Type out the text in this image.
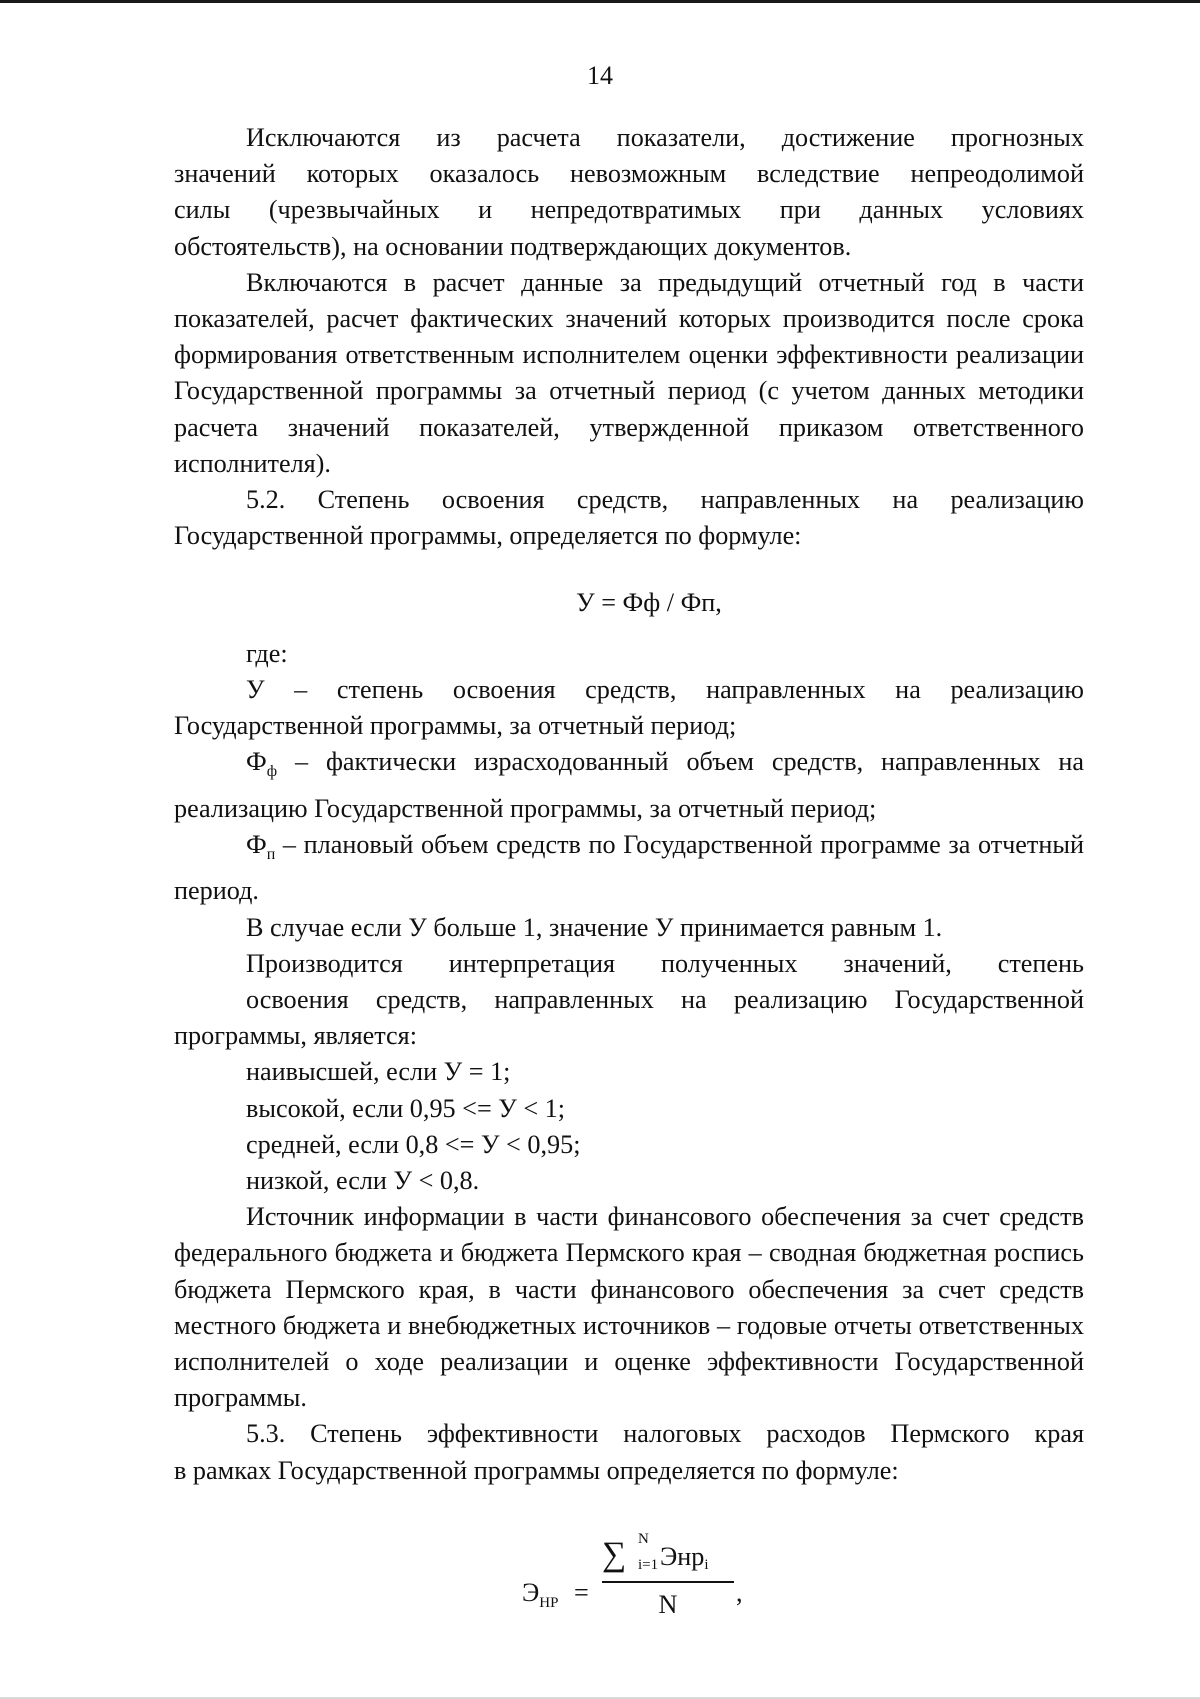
14

Исключаются из расчета показатели, достижение прогнозных

значений которых оказалось невозможным вследствие непреодолимой

силы (чрезвычайных и непредотвратимых при данных условиях

обстоятельств), на основании подтверждающих документов.

Включаются в расчет данные за предыдущий отчетный год в части показателей, расчет фактических значений которых производится после срока формирования ответственным исполнителем оценки эффективности реализации Государственной программы за отчетный период (с учетом данных методики расчета значений показателей, утвержденной приказом ответственного исполнителя).

5.2. Степень освоения средств, направленных на реализацию

Государственной программы, определяется по формуле:

У = Фф / Фп,

где:

У – степень освоения средств, направленных на реализацию

Государственной программы, за отчетный период;

$Ф_ф$ – фактически израсходованный объем средств, направленных на реализацию Государственной программы, за отчетный период;

$Ф_п$ – плановый объем средств по Государственной программе за отчетный период.

В случае если У больше 1, значение У принимается равным 1.

Производится интерпретация полученных значений, степень

освоения средств, направленных на реализацию Государственной

программы, является:

наивысшей, если У = 1;

высокой, если 0,95 <= У < 1;

средней, если 0,8 <= У < 0,95;

низкой, если У < 0,8.

Источник информации в части финансового обеспечения за счет средств федерального бюджета и бюджета Пермского края – сводная бюджетная роспись бюджета Пермского края, в части финансового обеспечения за счет средств местного бюджета и внебюджетных источников – годовые отчеты ответственных исполнителей о ходе реализации и оценке эффективности Государственной программы.

5.3. Степень эффективности налоговых расходов Пермского края

в рамках Государственной программы определяется по формуле:

$Э_{НР}$ =
∑ N
i=1 Энр$_i$
N	,
